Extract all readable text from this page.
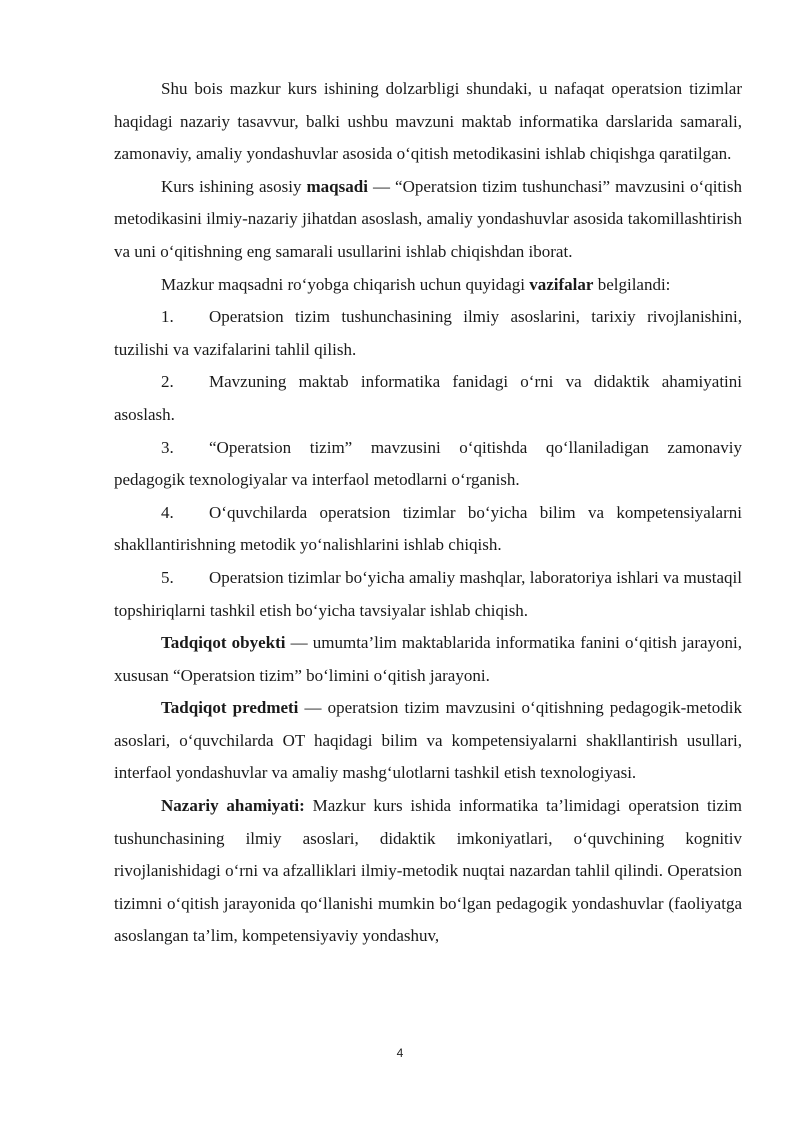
Shu bois mazkur kurs ishining dolzarbligi shundaki, u nafaqat operatsion tizimlar haqidagi nazariy tasavvur, balki ushbu mavzuni maktab informatika darslarida samarali, zamonaviy, amaliy yondashuvlar asosida o‘qitish metodikasini ishlab chiqishga qaratilgan.

Kurs ishining asosiy maqsadi — “Operatsion tizim tushunchasi” mavzusini o‘qitish metodikasini ilmiy-nazariy jihatdan asoslash, amaliy yondashuvlar asosida takomillashtirish va uni o‘qitishning eng samarali usullarini ishlab chiqishdan iborat.

Mazkur maqsadni ro‘yobga chiqarish uchun quyidagi vazifalar belgilandi:

1. Operatsion tizim tushunchasining ilmiy asoslarini, tarixiy rivojlanishini, tuzilishi va vazifalarini tahlil qilish.

2. Mavzuning maktab informatika fanidagi o‘rni va didaktik ahamiyatini asoslash.

3. “Operatsion tizim” mavzusini o‘qitishda qo‘llaniladigan zamonaviy pedagogik texnologiyalar va interfaol metodlarni o‘rganish.

4. O‘quvchilarda operatsion tizimlar bo‘yicha bilim va kompetensiyalarni shakllantirishning metodik yo‘nalishlarini ishlab chiqish.

5. Operatsion tizimlar bo‘yicha amaliy mashqlar, laboratoriya ishlari va mustaqil topshiriqlarni tashkil etish bo‘yicha tavsiyalar ishlab chiqish.

Tadqiqot obyekti — umumta’lim maktablarida informatika fanini o‘qitish jarayoni, xususan “Operatsion tizim” bo‘limini o‘qitish jarayoni.

Tadqiqot predmeti — operatsion tizim mavzusini o‘qitishning pedagogik-metodik asoslari, o‘quvchilarda OT haqidagi bilim va kompetensiyalarni shakllantirish usullari, interfaol yondashuvlar va amaliy mashg‘ulotlarni tashkil etish texnologiyasi.

Nazariy ahamiyati: Mazkur kurs ishida informatika ta’limidagi operatsion tizim tushunchasining ilmiy asoslari, didaktik imkoniyatlari, o‘quvchining kognitiv rivojlanishidagi o‘rni va afzalliklari ilmiy-metodik nuqtai nazardan tahlil qilindi. Operatsion tizimni o‘qitish jarayonida qo‘llanishi mumkin bo‘lgan pedagogik yondashuvlar (faoliyatga asoslangan ta’lim, kompetensiyaviy yondashuv,

4
